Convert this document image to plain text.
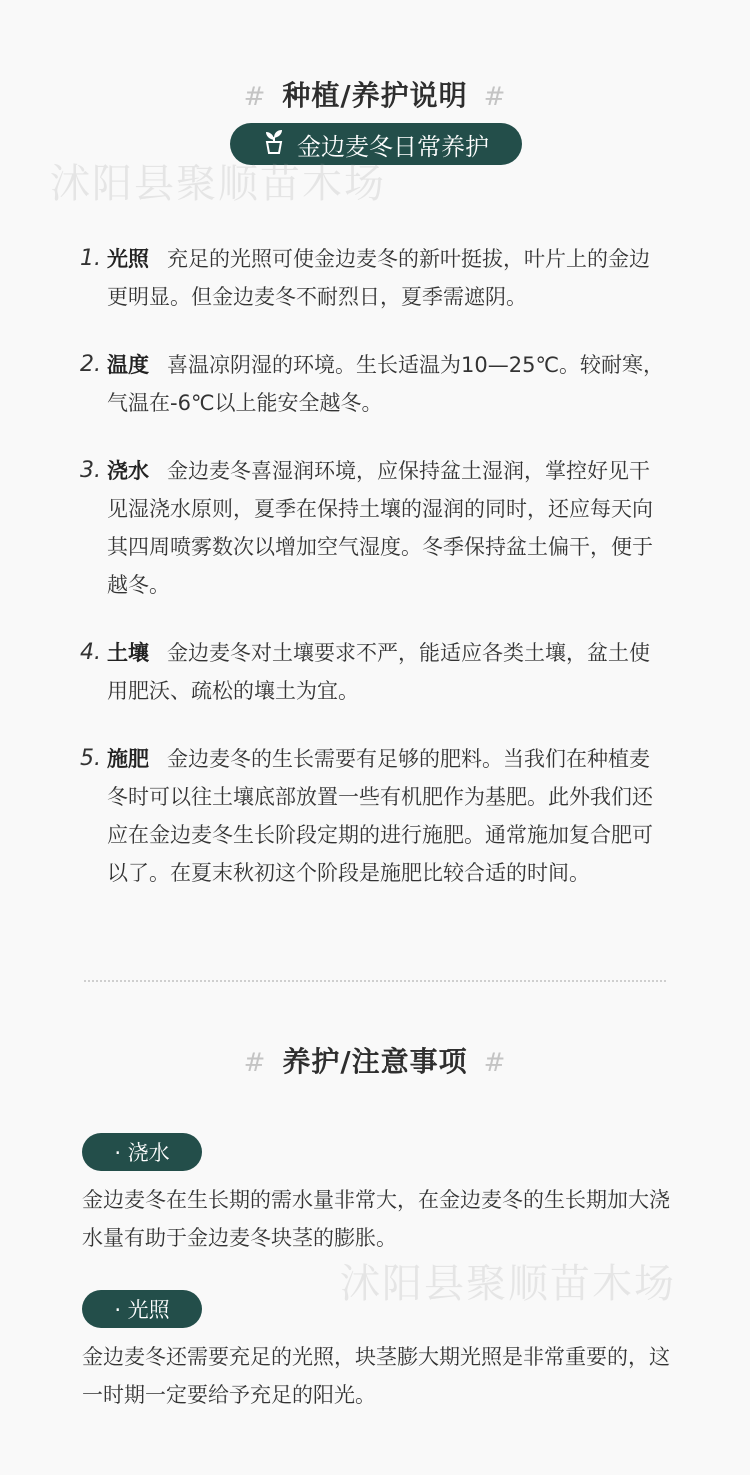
# 种植/养护说明 #
金边麦冬日常养护
沭阳县聚顺苗木场
1. 光照 充足的光照可使金边麦冬的新叶挺拔，叶片上的金边更明显。但金边麦冬不耐烈日，夏季需遮阴。
2. 温度 喜温凉阴湿的环境。生长适温为10—25℃。较耐寒，气温在-6℃以上能安全越冬。
3. 浇水 金边麦冬喜湿润环境，应保持盆土湿润，掌控好见干见湿浇水原则，夏季在保持土壤的湿润的同时，还应每天向其四周喷雾数次以增加空气湿度。冬季保持盆土偏干，便于越冬。
4. 土壤 金边麦冬对土壤要求不严，能适应各类土壤，盆土使用肥沃、疏松的壤土为宜。
5. 施肥 金边麦冬的生长需要有足够的肥料。当我们在种植麦冬时可以往土壤底部放置一些有机肥作为基肥。此外我们还应在金边麦冬生长阶段定期的进行施肥。通常施加复合肥可以了。在夏末秋初这个阶段是施肥比较合适的时间。
# 养护/注意事项 #
· 浇水
金边麦冬在生长期的需水量非常大，在金边麦冬的生长期加大浇水量有助于金边麦冬块茎的膨胀。
沭阳县聚顺苗木场
· 光照
金边麦冬还需要充足的光照，块茎膨大期光照是非常重要的，这一时期一定要给予充足的阳光。
